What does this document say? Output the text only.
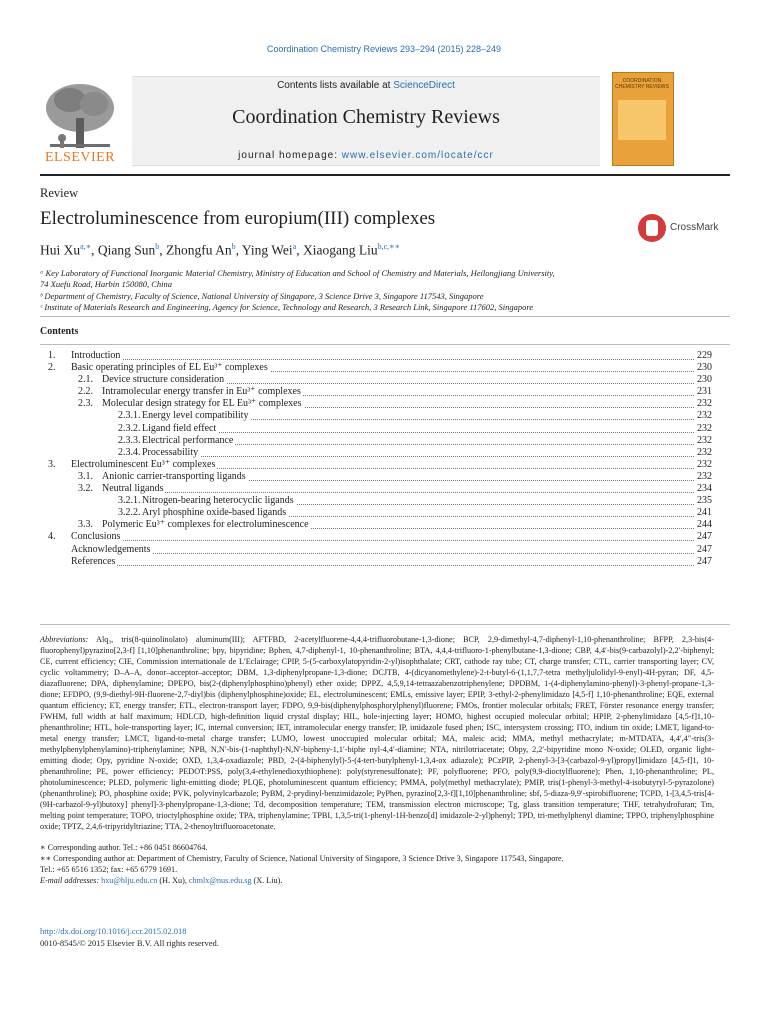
Coordination Chemistry Reviews 293–294 (2015) 228–249
ELSEVIER
Contents lists available at ScienceDirect
Coordination Chemistry Reviews
journal homepage: www.elsevier.com/locate/ccr
COORDINATION CHEMISTRY REVIEWS
Review
Electroluminescence from europium(III) complexes	CrossMark
Hui $Xu^{a,∗}$, Qiang Sun$^b$, Zhongfu An$^b$, Ying Wei$^a$, Xiaogang Liu$^{b,c,∗∗}$
ᵃ Key Laboratory of Functional Inorganic Material Chemistry, Ministry of Education and School of Chemistry and Materials, Heilongjiang University,
74 Xuefu Road, Harbin 150080, China
ᵇ Department of Chemistry, Faculty of Science, National University of Singapore, 3 Science Drive 3, Singapore 117543, Singapore
ᶜ Institute of Materials Research and Engineering, Agency for Science, Technology and Research, 3 Research Link, Singapore 117602, Singapore
Contents
1. Introduction	229
2. Basic operating principles of EL Eu³⁺ complexes	230
2.1. Device structure consideration	230
2.2. Intramolecular energy transfer in Eu³⁺ complexes	231
2.3. Molecular design strategy for EL Eu³⁺ complexes	232
2.3.1. Energy level compatibility	232
2.3.2. Ligand field effect	232
2.3.3. Electrical performance	232
2.3.4. Processability	232
3. Electroluminescent Eu³⁺ complexes	232
3.1. Anionic carrier-transporting ligands	232
3.2. Neutral ligands	234
3.2.1. Nitrogen-bearing heterocyclic ligands	235
3.2.2. Aryl phosphine oxide-based ligands	241
3.3. Polymeric Eu³⁺ complexes for electroluminescence	244
4. Conclusions	247
Acknowledgements	247
References	247
Abbreviations: Alq₃, tris(8-quinolinolato) aluminum(III); AFTFBD, 2-acetylfluorene-4,4,4-trifluorobutane-1,3-dione; BCP, 2,9-dimethyl-4,7-diphenyl-1,10-phenanthroline; BFPP, 2,3-bis(4-fluorophenyl)pyrazino[2,3-f] [1,10]phenanthroline; bpy, bipyridine; Bphen, 4,7-diphenyl-1, 10-phenanthroline; BTA, 4,4,4-trifluoro-1-phenylbutane-1,3-dione; CBP, 4,4′-bis(9-carbazolyl)-2,2′-biphenyl; CE, current efficiency; CIE, Commission internationale de L′Eclairage; CPIP, 5-(5-carboxylatopyridin-2-yl)isophthalate; CRT, cathode ray tube; CT, charge transfer; CTL, carrier transporting layer; CV, cyclic voltammetry; D–A–A, donor–acceptor–acceptor; DBM, 1,3-diphenylpropane-1,3-dione; DCJTB, 4-(dicyanomethylene)-2-t-butyl-6-(1,1,7,7-tetra methyljulolidyl-9-enyl)-4H-pyran; DF, 4,5-diazafluorene; DPA, diphenylamine; DPEPO, bis(2-(diphenylphosphino)phenyl) ether oxide; DPPZ, 4,5,9,14-tetraazabenzotriphenylene; DPDBM, 1-(4-diphenylamino-phenyl)-3-phenyl-propane-1,3-dione; EFDPO, (9,9-diethyl-9H-fluorene-2,7-diyl)bis (diphenylphosphine)oxide; EL, electroluminescent; EMLs, emissive layer; EPIP, 3-ethyl-2-phenylimidazo [4,5-f] 1,10-phenanthroline; EQE, external quantum efficiency; ET, energy transfer; ETL, electron-transport layer; FDPO, 9,9-bis(diphenylphosphorylphenyl)fluorene; FMOs, frontier molecular orbitals; FRET, Förster resonance energy transfer; FWHM, full width at half maximum; HDLCD, high-definition liquid crystal display; HIL, hole-injecting layer; HOMO, highest occupied molecular orbital; HPIP, 2-phenylimidazo [4,5-f]1,10-phenanthroline; HTL, hole-transporting layer; IC, internal conversion; IET, intramolecular energy transfer; IP, imidazole fused phen; ISC, intersystem crossing; ITO, indium tin oxide; LMET, ligand-to-metal energy transfer; LMCT, ligand-to-metal charge transfer; LUMO, lowest unoccupied molecular orbital; MA, maleic acid; MMA, methyl methacrylate; m-MTDATA, 4,4′,4″-tris(3-methylphenylphenylamino)-triphenylamine; NPB, N,N′-bis-(1-naphthyl)-N,N′-bipheny-1,1′-biphe nyl-4,4′-diamine; NTA, nitrilotriacetate; Obpy, 2,2′-bipyridine mono N-oxide; OLED, organic light-emitting diode; Opy, pyridine N-oxide; OXD, 1,3,4-oxadiazole; PBD, 2-(4-biphenylyl)-5-(4-tert-butylphenyl-1,3,4-ox adiazole); PCzPIP, 2-phenyl-3-[3-(carbazol-9-yl)propyl]imidazo [4,5-f]1, 10-phenanthroline; PE, power efficiency; PEDOT:PSS, poly(3,4-ethylenedioxythiophene): poly(styrenesulfonate); PF, polyfluorene; PFO, poly(9,9-dioctylfluorene); Phen, 1,10-phenanthroline; PL, photoluminescence; PLED, polymeric light-emitting diode; PLQE, photoluminescent quantum efficiency; PMMA, poly(methyl methacrylate); PMIP, tris(1-phenyl-3-methyl-4-isobutyryl-5-pyrazolone)(phenanthroline); PO, phosphine oxide; PVK, polyvinylcarbazole; PyBM, 2-prydinyl-benzimidazole; PyPhen, pyrazino[2,3-f][1,10]phenanthroline; sbf, 5-diaza-9,9′-spirobifluorene; TCPD, 1-[3,4,5-tris[4-(9H-carbazol-9-yl)butoxy] phenyl]-3-phenylpropane-1,3-dione; Td, decomposition temperature; TEM, transmission electron microscope; Tg, glass transition temperature; THF, tetrahydrofuran; Tm, melting point temperature; TOPO, trioctylphosphine oxide; TPA, triphenylamine; TPBI, 1,3,5-tri(1-phenyl-1H-benzo[d] imidazole-2-yl)phenyl; TPD, tri-methylphenyl diamine; TPPO, triphenylphosphine oxide; TPTZ, 2,4,6-tripyridyltriazine; TTA, 2-thenoyltrifluoroacetonate.
∗ Corresponding author. Tel.: +86 0451 86604764.
∗∗ Corresponding author at: Department of Chemistry, Faculty of Science, National University of Singapore, 3 Science Drive 3, Singapore 117543, Singapore.
Tel.: +65 6516 1352; fax: +65 6779 1691.
E-mail addresses: hxu@hlju.edu.cn (H. Xu), chmlx@nus.edu.sg (X. Liu).
http://dx.doi.org/10.1016/j.ccr.2015.02.018
0010-8545/© 2015 Elsevier B.V. All rights reserved.
